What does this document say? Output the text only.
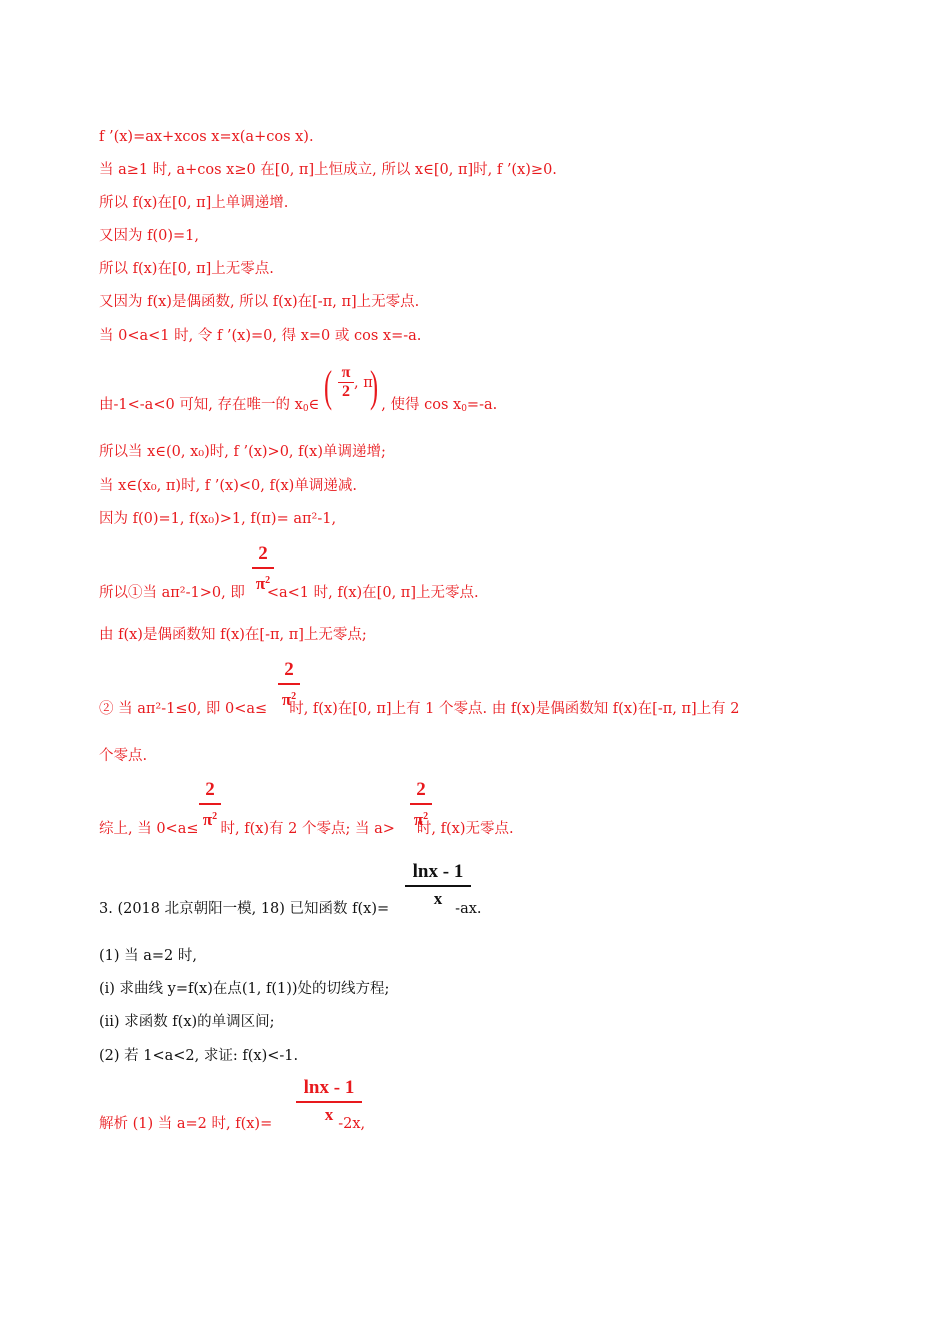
f ’(x)=ax+xcos x=x(a+cos x).
当 a≥1 时, a+cos x≥0 在[0, π]上恒成立, 所以 x∈[0, π]时, f ’(x)≥0.
所以 f(x)在[0, π]上单调递增.
又因为 f(0)=1,
所以 f(x)在[0, π]上无零点.
又因为 f(x)是偶函数, 所以 f(x)在[-π, π]上无零点.
当 0<a<1 时, 令 f ’(x)=0, 得 x=0 或 cos x=-a.
由-1<-a<0 可知, 存在唯一的 $x_0\in$	, 使得 $\cos x_0=-a$.
( π
2 , π
)
所以当 x∈(0, x₀)时, f ’(x)>0, f(x)单调递增;
当 x∈(x₀, π)时, f ’(x)<0, f(x)单调递减.
因为 f(0)=1, f(x₀)>1, f(π)= aπ²-1,
2
$\pi^2$
所以①当 aπ²-1>0, 即 <a<1 时, f(x)在[0, π]上无零点.
由 f(x)是偶函数知 f(x)在[-π, π]上无零点;
2
$\pi^2$
② 当 aπ²-1≤0, 即 0<a≤ 时, f(x)在[0, π]上有 1 个零点. 由 f(x)是偶函数知 f(x)在[-π, π]上有 2
个零点.
2
$\pi^2$
2
$\pi^2$
综上, 当 0<a≤ 时, f(x)有 2 个零点; 当 a> 时, f(x)无零点.
lnx - 1
x
3. (2018 北京朝阳一模, 18) 已知函数 f(x)=	-ax.
(1) 当 a=2 时,
(i) 求曲线 y=f(x)在点(1, f(1))处的切线方程;
(ii) 求函数 f(x)的单调区间;
(2) 若 1<a<2, 求证: f(x)<-1.
lnx - 1
x
解析 (1) 当 a=2 时, f(x)=	-2x,
